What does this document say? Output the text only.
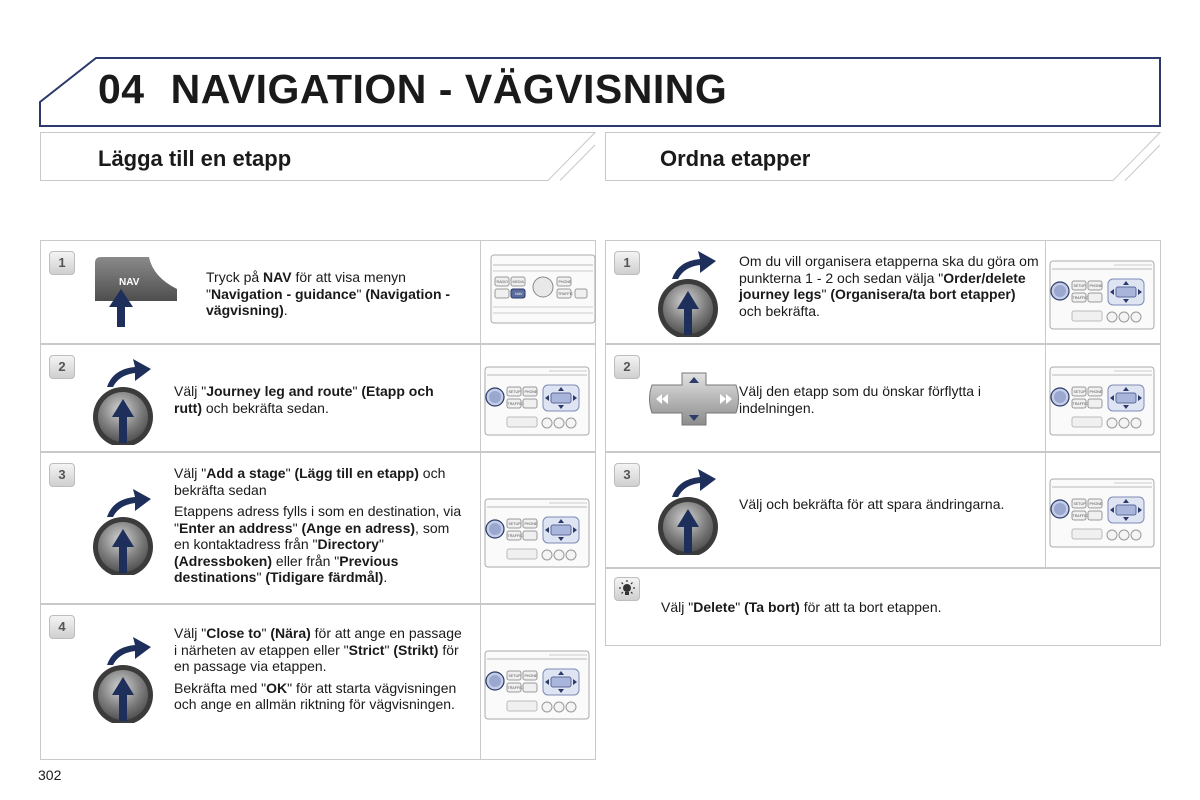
04 NAVIGATION - VÄGVISNING
Lägga till en etapp	Ordna etapper
1
NAV	Tryck på NAV för att visa menyn "Navigation - guidance" (Navigation - vägvisning).

RADIO MEDIA
NAV
PHONE
TRAFFIC
2

Välj "Journey leg and route" (Etapp och rutt) och bekräfta sedan.

SETUP PHONE
TRAFFIC
3	Välj "Add a stage" (Lägg till en etapp) och bekräfta sedan

Etappens adress fylls i som en destination, via "Enter an address" (Ange en adress), som en kontaktadress från "Directory" (Adressboken) eller från "Previous destinations" (Tidigare färdmål).

SETUP PHONE
TRAFFIC
4	Välj "Close to" (Nära) för att ange en passage i närheten av etappen eller "Strict" (Strikt) för en passage via etappen.

Bekräfta med "OK" för att starta vägvisningen och ange en allmän riktning för vägvisningen.

SETUP PHONE
TRAFFIC
1	Om du vill organisera etapperna ska du göra om punkterna 1 - 2 och sedan välja "Order/delete journey legs" (Organisera/ta bort etapper) och bekräfta.

SETUP PHONE
TRAFFIC
2

Välj den etapp som du önskar förflytta i indelningen.

SETUP PHONE
TRAFFIC
3

Välj och bekräfta för att spara ändringarna.	SETUP PHONE
TRAFFIC

Välj "Delete" (Ta bort) för att ta bort etappen.

302
